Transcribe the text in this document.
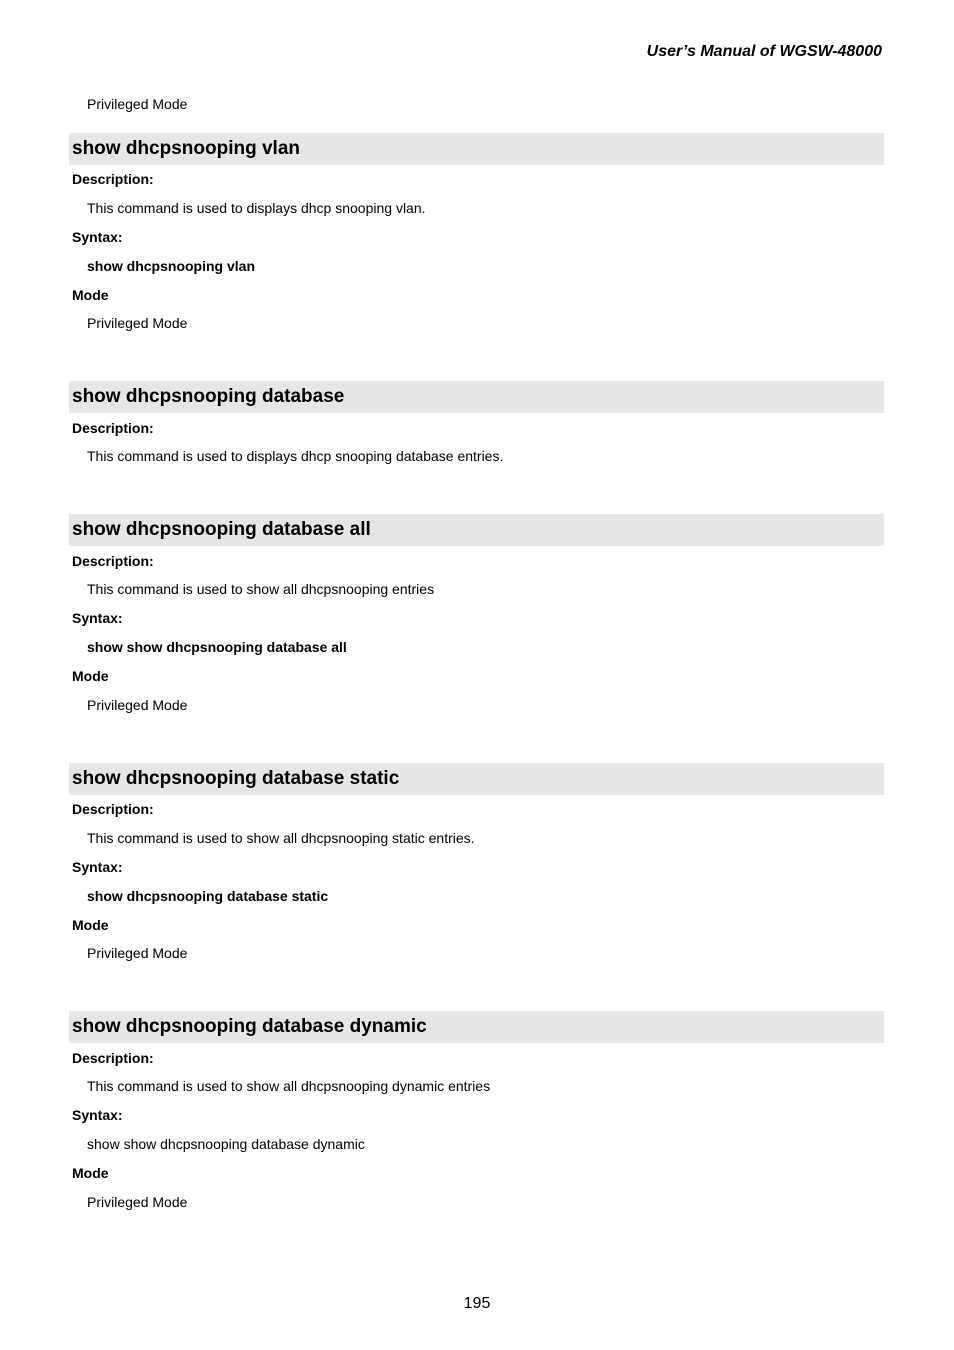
User’s Manual of WGSW-48000
Privileged Mode
show dhcpsnooping vlan
Description:
This command is used to displays dhcp snooping vlan.
Syntax:
show dhcpsnooping vlan
Mode
Privileged Mode
show dhcpsnooping database
Description:
This command is used to displays dhcp snooping database entries.
show dhcpsnooping database all
Description:
This command is used to show all dhcpsnooping entries
Syntax:
show show dhcpsnooping database all
Mode
Privileged Mode
show dhcpsnooping database static
Description:
This command is used to show all dhcpsnooping static entries.
Syntax:
show dhcpsnooping database static
Mode
Privileged Mode
show dhcpsnooping database dynamic
Description:
This command is used to show all dhcpsnooping dynamic entries
Syntax:
show show dhcpsnooping database dynamic
Mode
Privileged Mode
195
